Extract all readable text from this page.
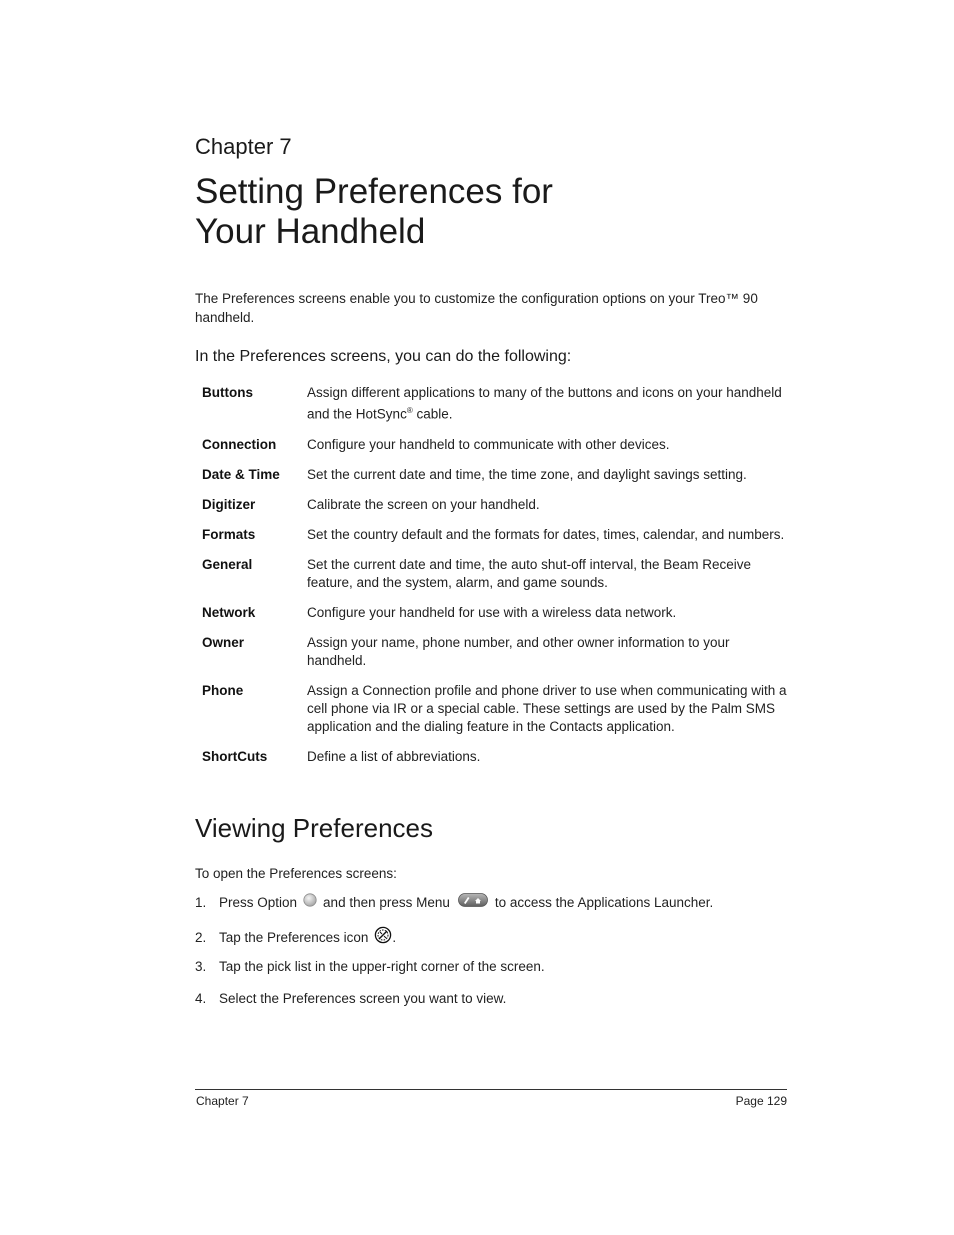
Chapter 7
Setting Preferences for
Your Handheld
The Preferences screens enable you to customize the configuration options on your Treo™ 90 handheld.
In the Preferences screens, you can do the following:
Buttons	Assign different applications to many of the buttons and icons on your handheld and the HotSync® cable.
Connection	Configure your handheld to communicate with other devices.
Date & Time	Set the current date and time, the time zone, and daylight savings setting.
Digitizer	Calibrate the screen on your handheld.
Formats	Set the country default and the formats for dates, times, calendar, and numbers.
General	Set the current date and time, the auto shut-off interval, the Beam Receive feature, and the system, alarm, and game sounds.
Network	Configure your handheld for use with a wireless data network.
Owner	Assign your name, phone number, and other owner information to your handheld.
Phone	Assign a Connection profile and phone driver to use when communicating with a cell phone via IR or a special cable. These settings are used by the Palm SMS application and the dialing feature in the Contacts application.
ShortCuts	Define a list of abbreviations.
Viewing Preferences
To open the Preferences screens:
1. Press Option and then press Menu	to access the Applications Launcher.
2. Tap the Preferences icon .
3. Tap the pick list in the upper-right corner of the screen.
4. Select the Preferences screen you want to view.
Chapter 7	Page 129
